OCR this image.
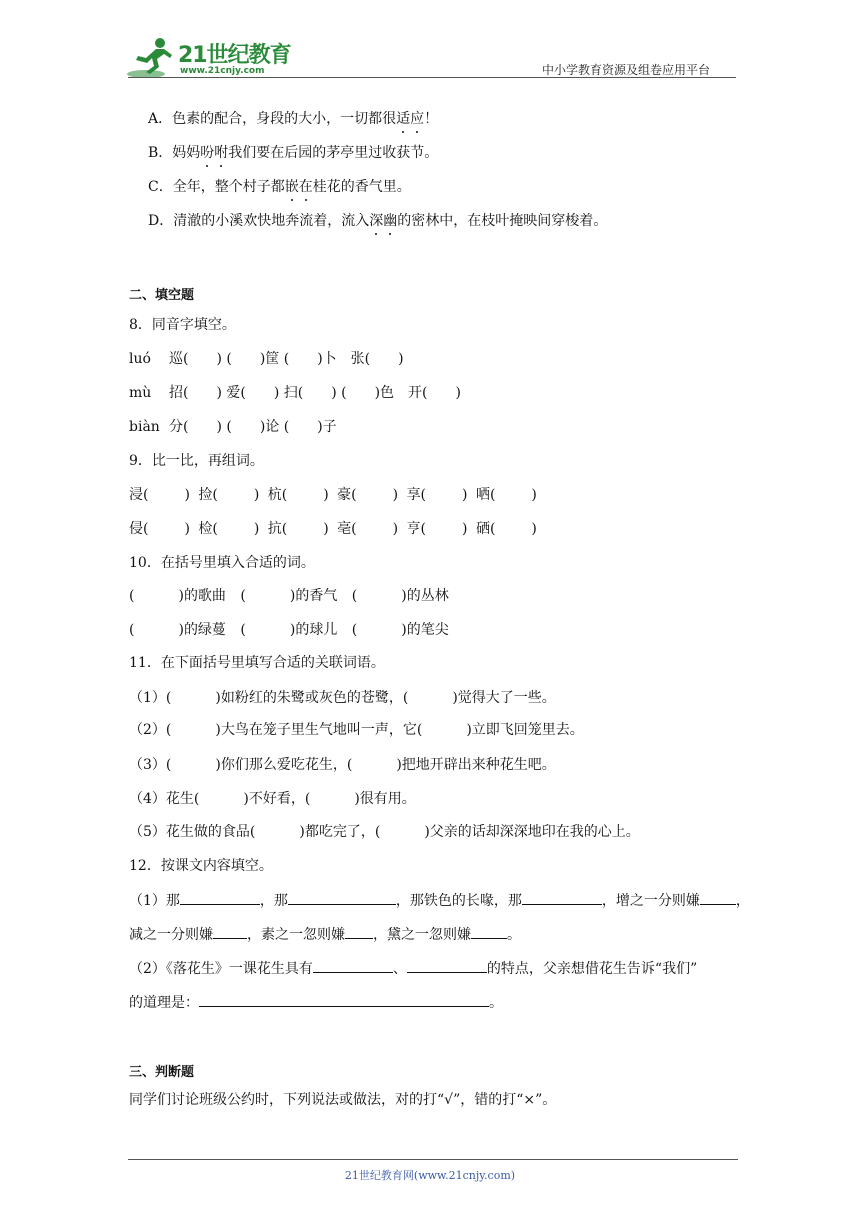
21世纪教育
www.21cnjy.com	中小学教育资源及组卷应用平台
A．色素的配合，身段的大小，一切都很适应！
B．妈妈吩咐我们要在后园的茅亭里过收获节。
C．全年，整个村子都嵌在桂花的香气里。
D．清澈的小溪欢快地奔流着，流入深幽的密林中，在枝叶掩映间穿梭着。
二、填空题
8．同音字填空。
luó 巡(　　) (　　)筐 (　　)卜　张(　　)
mù 招(　　) 爱(　　) 扫(　　) (　　)色　开(　　)
biàn 分(　　) (　　)论 (　　)子
9．比一比，再组词。
浸(	) 捡(	) 杭(	) 豪(	) 享(	) 哂(	)
侵(	) 检(	) 抗(	) 亳(	) 亨(	) 硒(	)
10．在括号里填入合适的词。
(	)的歌曲 (	)的香气 (	)的丛林
(	)的绿蔓 (	)的球儿 (	)的笔尖
11．在下面括号里填写合适的关联词语。
（1）(	)如粉红的朱鹭或灰色的苍鹭，(	)觉得大了一些。
（2）(	)大鸟在笼子里生气地叫一声，它(	)立即飞回笼里去。
（3）(	)你们那么爱吃花生，(	)把地开辟出来种花生吧。
（4）花生(	)不好看，(	)很有用。
（5）花生做的食品(	)都吃完了，(	)父亲的话却深深地印在我的心上。
12．按课文内容填空。
（1）那	，那	，那铁色的长喙，那	，增之一分则嫌	，
减之一分则嫌 ，素之一忽则嫌 ，黛之一忽则嫌	。
（2）《落花生》一课花生具有	、	的特点，父亲想借花生告诉“我们”
的道理是：	。
三、判断题
同学们讨论班级公约时，下列说法或做法，对的打“√”，错的打“×”。
21世纪教育网(www.21cnjy.com)
